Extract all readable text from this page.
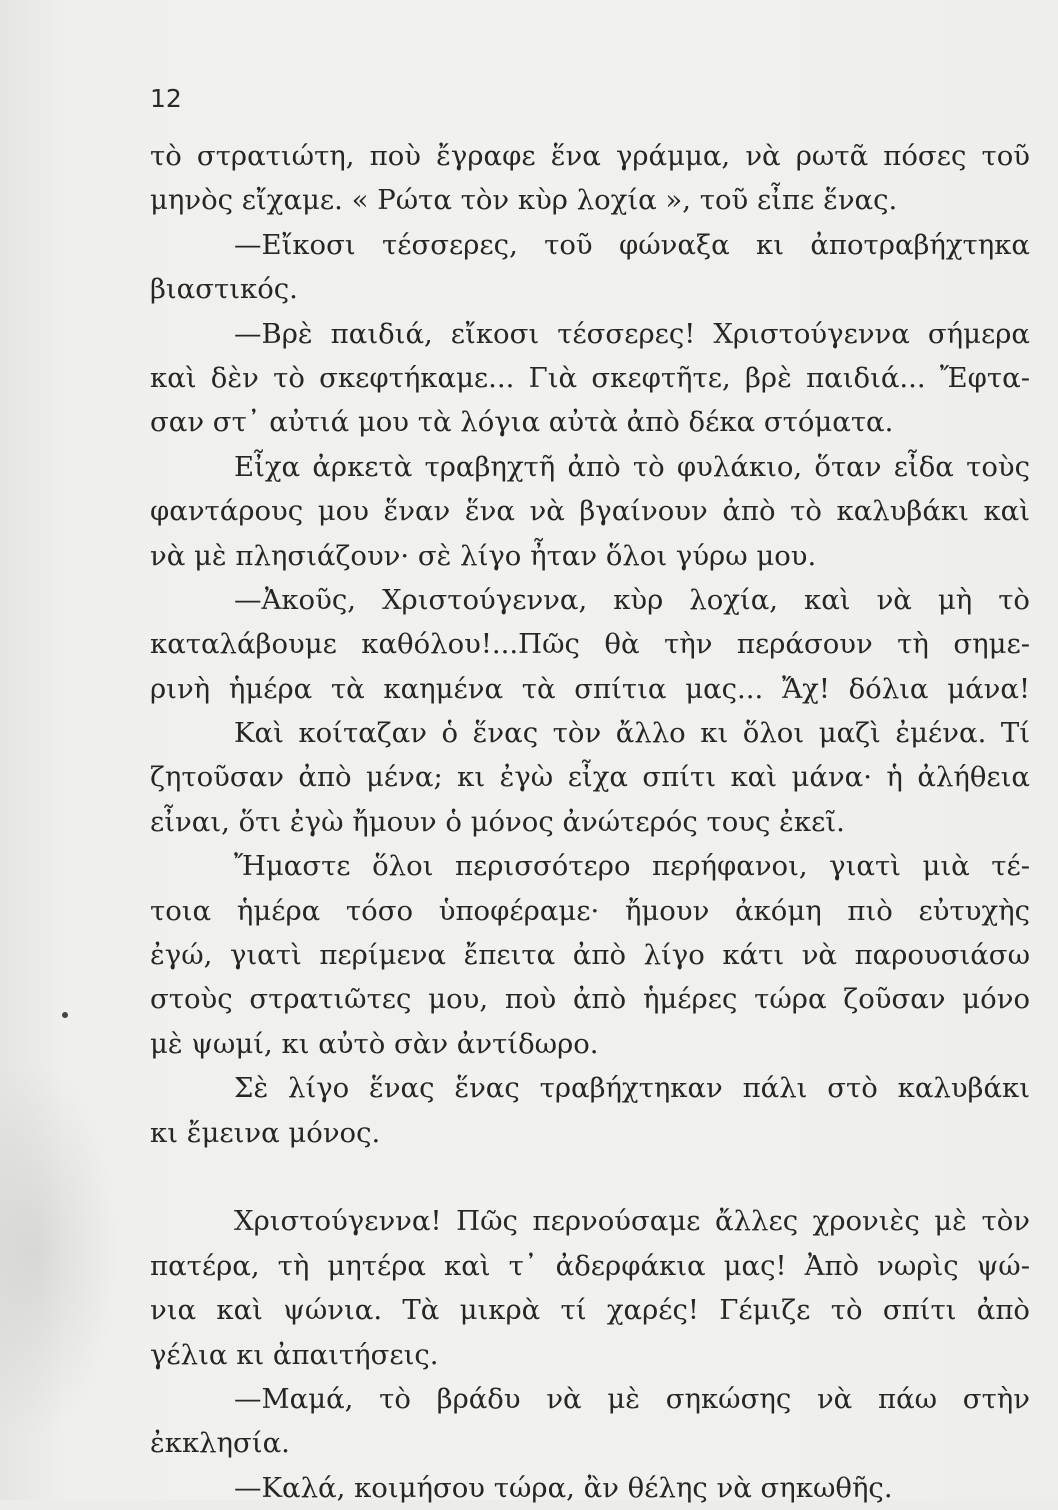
12
τὸ στρατιώτη, ποὺ ἔγραφε ἕνα γράμμα, νὰ ρωτᾶ πόσες τοῦ
μηνὸς εἴχαμε. « Ρώτα τὸν κὺρ λοχία », τοῦ εἶπε ἕνας.
—Εἴκοσι τέσσερες, τοῦ φώναξα κι ἀποτραβήχτηκα
βιαστικός.
—Βρὲ παιδιά, εἴκοσι τέσσερες! Χριστούγεννα σήμερα
καὶ δὲν τὸ σκεφτήκαμε... Γιὰ σκεφτῆτε, βρὲ παιδιά... Ἔφτα-
σαν στ᾽ αὐτιά μου τὰ λόγια αὐτὰ ἀπὸ δέκα στόματα.
Εἶχα ἀρκετὰ τραβηχτῆ ἀπὸ τὸ φυλάκιο, ὅταν εἶδα τοὺς
φαντάρους μου ἕναν ἕνα νὰ βγαίνουν ἀπὸ τὸ καλυβάκι καὶ
νὰ μὲ πλησιάζουν· σὲ λίγο ἦταν ὅλοι γύρω μου.
—Ἀκοῦς, Χριστούγεννα, κὺρ λοχία, καὶ νὰ μὴ τὸ
καταλάβουμε καθόλου!...Πῶς θὰ τὴν περάσουν τὴ σημε-
ρινὴ ἡμέρα τὰ καημένα τὰ σπίτια μας... Ἄχ! δόλια μάνα!
Καὶ κοίταζαν ὁ ἕνας τὸν ἄλλο κι ὅλοι μαζὶ ἐμένα. Τί
ζητοῦσαν ἀπὸ μένα; κι ἐγὼ εἶχα σπίτι καὶ μάνα· ἡ ἀλήθεια
εἶναι, ὅτι ἐγὼ ἤμουν ὁ μόνος ἀνώτερός τους ἐκεῖ.
Ἤμαστε ὅλοι περισσότερο περήφανοι, γιατὶ μιὰ τέ-
τοια ἡμέρα τόσο ὑποφέραμε· ἤμουν ἀκόμη πιὸ εὐτυχὴς
ἐγώ, γιατὶ περίμενα ἔπειτα ἀπὸ λίγο κάτι νὰ παρουσιάσω
στοὺς στρατιῶτες μου, ποὺ ἀπὸ ἡμέρες τώρα ζοῦσαν μόνο
μὲ ψωμί, κι αὐτὸ σὰν ἀντίδωρο.
Σὲ λίγο ἕνας ἕνας τραβήχτηκαν πάλι στὸ καλυβάκι
κι ἔμεινα μόνος.
Χριστούγεννα! Πῶς περνούσαμε ἄλλες χρονιὲς μὲ τὸν
πατέρα, τὴ μητέρα καὶ τ᾽ ἀδερφάκια μας! Ἀπὸ νωρὶς ψώ-
νια καὶ ψώνια. Τὰ μικρὰ τί χαρές! Γέμιζε τὸ σπίτι ἀπὸ
γέλια κι ἀπαιτήσεις.
—Μαμά, τὸ βράδυ νὰ μὲ σηκώσης νὰ πάω στὴν
ἐκκλησία.
—Καλά, κοιμήσου τώρα, ἂν θέλης νὰ σηκωθῆς.
